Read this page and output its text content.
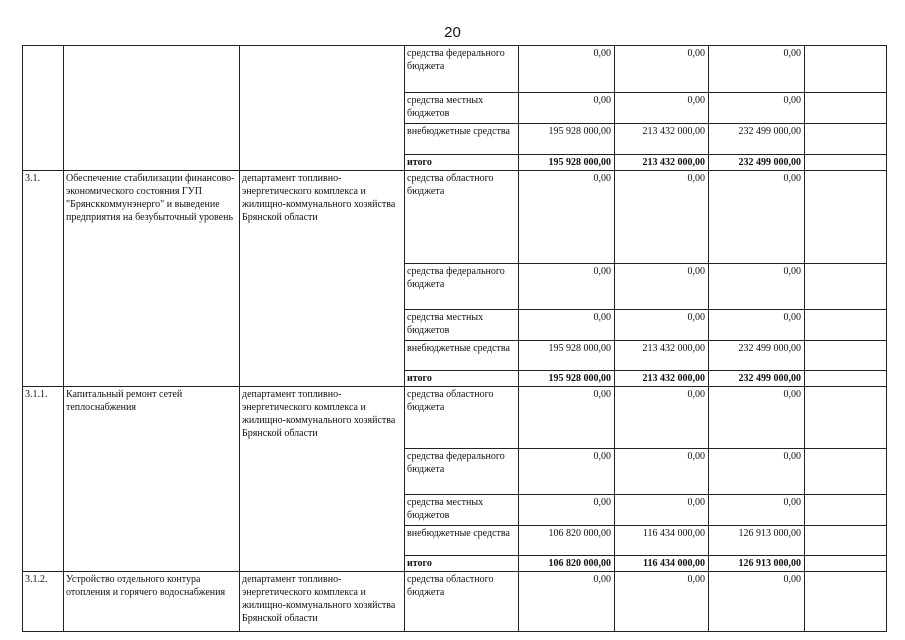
20
			средства федерального бюджета	0,00	0,00	0,00	
			средства местных бюджетов	0,00	0,00	0,00	
			внебюджетные средства	195 928 000,00	213 432 000,00	232 499 000,00	
			итого	195 928 000,00	213 432 000,00	232 499 000,00	
3.1.	Обеспечение стабилизации финансово- экономического состояния ГУП "Брянсккоммунэнерго" и выведение предприятия на безубыточный уровень	департамент топливно-энергетического комплекса и жилищно-коммунального хозяйства Брянской области	средства областного бюджета	0,00	0,00	0,00	
			средства федерального бюджета	0,00	0,00	0,00	
			средства местных бюджетов	0,00	0,00	0,00	
			внебюджетные средства	195 928 000,00	213 432 000,00	232 499 000,00	
			итого	195 928 000,00	213 432 000,00	232 499 000,00	
3.1.1.	Капитальный ремонт сетей теплоснабжения	департамент топливно-энергетического комплекса и жилищно-коммунального хозяйства Брянской области	средства областного бюджета	0,00	0,00	0,00	
			средства федерального бюджета	0,00	0,00	0,00	
			средства местных бюджетов	0,00	0,00	0,00	
			внебюджетные средства	106 820 000,00	116 434 000,00	126 913 000,00	
			итого	106 820 000,00	116 434 000,00	126 913 000,00	
3.1.2.	Устройство отдельного контура отопления и горячего водоснабжения	департамент топливно-энергетического комплекса и жилищно-коммунального хозяйства Брянской области	средства областного бюджета	0,00	0,00	0,00	
